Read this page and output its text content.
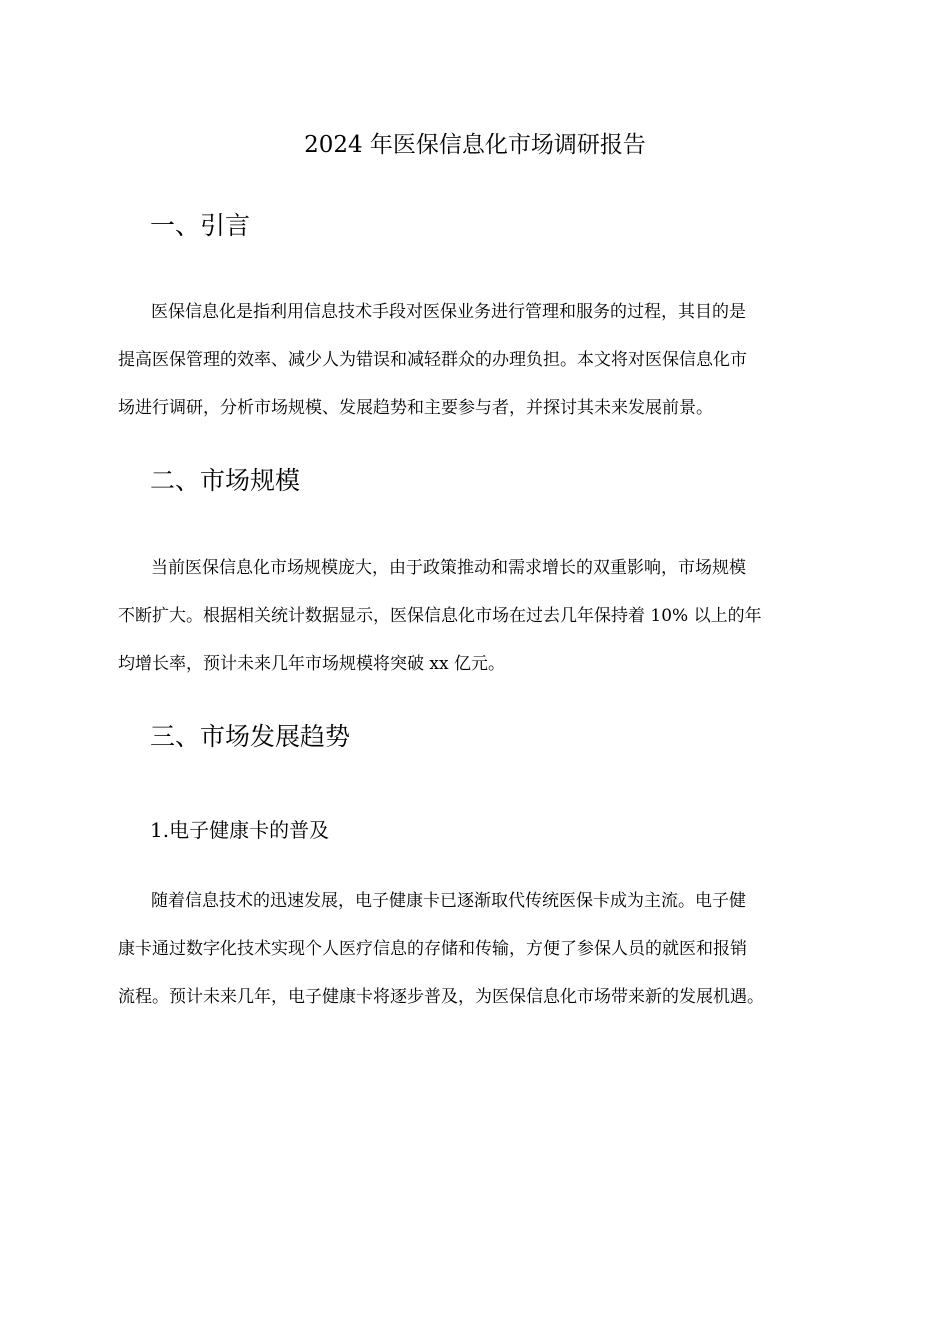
2024 年医保信息化市场调研报告
一、引言
医保信息化是指利用信息技术手段对医保业务进行管理和服务的过程，其目的是
提高医保管理的效率、减少人为错误和减轻群众的办理负担。本文将对医保信息化市
场进行调研，分析市场规模、发展趋势和主要参与者，并探讨其未来发展前景。
二、市场规模
当前医保信息化市场规模庞大，由于政策推动和需求增长的双重影响，市场规模
不断扩大。根据相关统计数据显示，医保信息化市场在过去几年保持着 10% 以上的年
均增长率，预计未来几年市场规模将突破 xx 亿元。
三、市场发展趋势
1.电子健康卡的普及
随着信息技术的迅速发展，电子健康卡已逐渐取代传统医保卡成为主流。电子健
康卡通过数字化技术实现个人医疗信息的存储和传输，方便了参保人员的就医和报销
流程。预计未来几年，电子健康卡将逐步普及，为医保信息化市场带来新的发展机遇。
